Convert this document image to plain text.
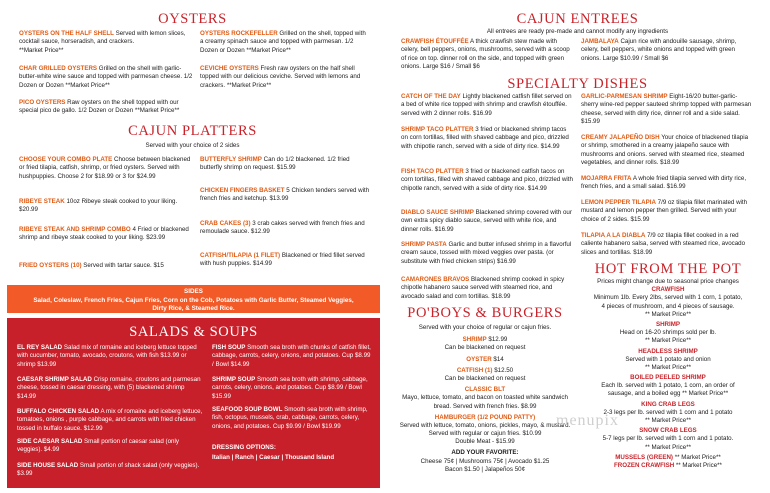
OYSTERS
OYSTERS ON THE HALF SHELL Served with lemon slices, cocktail sauce, horseradish, and crackers.
**Market Price**
OYSTERS ROCKEFELLER Grilled on the shell, topped with a creamy spinach sauce and topped with parmesan. 1/2 Dozen or Dozen **Market Price**
CHAR GRILLED OYSTERS Grilled on the shell with garlic-butter-white wine sauce and topped with parmesan cheese. 1/2 Dozen or Dozen **Market Price**
CEVICHE OYSTERS Fresh raw oysters on the half shell topped with our delicious ceviche. Served with lemons and crackers. **Market Price**
PICO OYSTERS Raw oysters on the shell topped with our special pico de gallo. 1/2 Dozen or Dozen **Market Price**
CAJUN PLATTERS
Served with your choice of 2 sides
CHOOSE YOUR COMBO PLATE Choose between blackened or fried tilapia, catfish, shrimp, or fried oysters. Served with hushpuppies. Choose 2 for $18.99 or 3 for $24.99
BUTTERFLY SHRIMP Can do 1/2 blackened. 1/2 fried butterfly shrimp on request. $15.99
RIBEYE STEAK 10oz Ribeye steak cooked to your liking. $20.99
CHICKEN FINGERS BASKET 5 Chicken tenders served with french fries and ketchup. $13.99
RIBEYE STEAK AND SHRIMP COMBO 4 Fried or blackened shrimp and ribeye steak cooked to your liking. $23.99
CRAB CAKES (3) 3 crab cakes served with french fries and remoulade sauce. $12.99
CATFISH/TILAPIA (1 FILET) Blackened or fried fillet served with hush puppies. $14.99
FRIED OYSTERS (10) Served with tartar sauce. $15
SIDES
Salad, Coleslaw, French Fries, Cajun Fries, Corn on the Cob, Potatoes with Garlic Butter, Steamed Veggies,
Dirty Rice, & Steamed Rice.
SALADS & SOUPS
EL REY SALAD Salad mix of romaine and iceberg lettuce topped with cucumber, tomato, avocado, croutons, with fish $13.99 or shrimp $13.99
FISH SOUP Smooth sea broth with chunks of catfish fillet, cabbage, carrots, celery, onions, and potatoes. Cup $8.99 / Bowl $14.99
CAESAR SHRIMP SALAD Crisp romaine, croutons and parmesan cheese, tossed in caesar dressing, with (5) blackened shrimp $14.99
SHRIMP SOUP Smooth sea broth with shrimp, cabbage, carrots, celery, onions, and potatoes. Cup $8.99 / Bowl $15.99
BUFFALO CHICKEN SALAD A mix of romaine and iceberg lettuce, tomatoes, onions , purple cabbage, and carrots with fried chicken tossed in buffalo sauce. $12.99
SEAFOOD SOUP BOWL Smooth sea broth with shrimp, fish, octopus, mussels, crab, cabbage, carrots, celery, onions, and potatoes. Cup $9.99 / Bowl $19.99
SIDE CAESAR SALAD Small portion of caesar salad (only veggies). $4.99
SIDE HOUSE SALAD Small portion of shack salad (only veggies). $3.99
DRESSING OPTIONS:
Italian | Ranch | Caesar | Thousand Island
CAJUN ENTREES
All entrees are ready pre-made and cannot modify any ingredients
CRAWFISH ÉTOUFFÉE A thick crawfish stew made with celery, bell peppers, onions, mushrooms, served with a scoop of rice on top. dinner roll on the side, and topped with green onions. Large $16 / Small $6
JAMBALAYA Cajun rice with andouille sausage, shrimp, celery, bell peppers, white onions and topped with green onions. Large $10.99 / Small $6
SPECIALTY DISHES
CATCH OF THE DAY Lightly blackened catfish fillet served on a bed of white rice topped with shrimp and crawfish étouffée. served with 2 dinner rolls. $16.99
GARLIC-PARMESAN SHRIMP Eight-16/20 butter-garlic-sherry wine-red pepper sauteed shrimp topped with parmesan cheese, served with dirty rice, dinner roll and a side salad. $15.99
SHRIMP TACO PLATTER 3 fried or blackened shrimp tacos on corn tortillas, filled with shaved cabbage and pico, drizzled with chipotle ranch, served with a side of dirty rice. $14.99
CREAMY JALAPEÑO DISH Your choice of blackened tilapia or shrimp, smothered in a creamy jalapeño sauce with mushrooms and onions. served with steamed rice, steamed vegetables, and dinner rolls. $18.99
FISH TACO PLATTER 3 fried or blackened catfish tacos on corn tortillas, filled with shaved cabbage and pico, drizzled with chipotle ranch, served with a side of dirty rice. $14.99
MOJARRA FRITA A whole fried tilapia served with dirty rice, french fries, and a small salad. $16.99
DIABLO SAUCE SHRIMP Blackened shrimp covered with our own extra spicy diablo sauce, served with white rice, and dinner rolls. $16.99
LEMON PEPPER TILAPIA 7/9 oz tilapia fillet marinated with mustard and lemon pepper then grilled. Served with your choice of 2 sides. $15.99
SHRIMP PASTA Garlic and butter infused shrimp in a flavorful cream sauce, tossed with mixed veggies over pasta. (or substitute with fried chicken strips) $16.99
TILAPIA A LA DIABLA 7/9 oz tilapia fillet cooked in a red caliente habanero salsa, served with steamed rice, avocado slices and tortillas. $18.99
CAMARONES BRAVOS Blackened shrimp cooked in spicy chipotle habanero sauce served with steamed rice, and avocado salad and corn tortillas. $18.99
PO'BOYS & BURGERS
Served with your choice of regular or cajun fries.
SHRIMP $12.99
Can be blackened on request
OYSTER $14
CATFISH (1) $12.50
Can be blackened on request
CLASSIC BLT
Mayo, lettuce, tomato, and bacon on toasted white sandwich bread. Served with french fries. $8.99
HAMBURGER (1/2 POUND PATTY)
Served with lettuce, tomato, onions, pickles, mayo, & mustard. Served with regular or cajun fries. $10.99
Double Meat - $15.99
ADD YOUR FAVORITE:
Cheese 75¢ | Mushrooms 75¢ | Avocado $1.25
Bacon $1.50 | Jalapeños 50¢
HOT FROM THE POT
Prices might change due to seasonal price changes
CRAWFISH
Minimum 1lb. Every 2lbs, served with 1 corn, 1 potato,
4 pieces of mushroom, and 4 pieces of sausage.
** Market Price**
SHRIMP
Head on 16-20 shrimps sold per lb.
** Market Price**
HEADLESS SHRIMP
Served with 1 potato and onion
** Market Price**
BOILED PEELED SHRIMP
Each lb. served with 1 potato, 1 corn, an order of
sausage, and a boiled egg ** Market Price**
KING CRAB LEGS
2-3 legs per lb. served with 1 corn and 1 potato
** Market Price**
SNOW CRAB LEGS
5-7 legs per lb. served with 1 corn and 1 potato.
** Market Price**
MUSSELS (GREEN) ** Market Price**
FROZEN CRAWFISH ** Market Price**
menupix
